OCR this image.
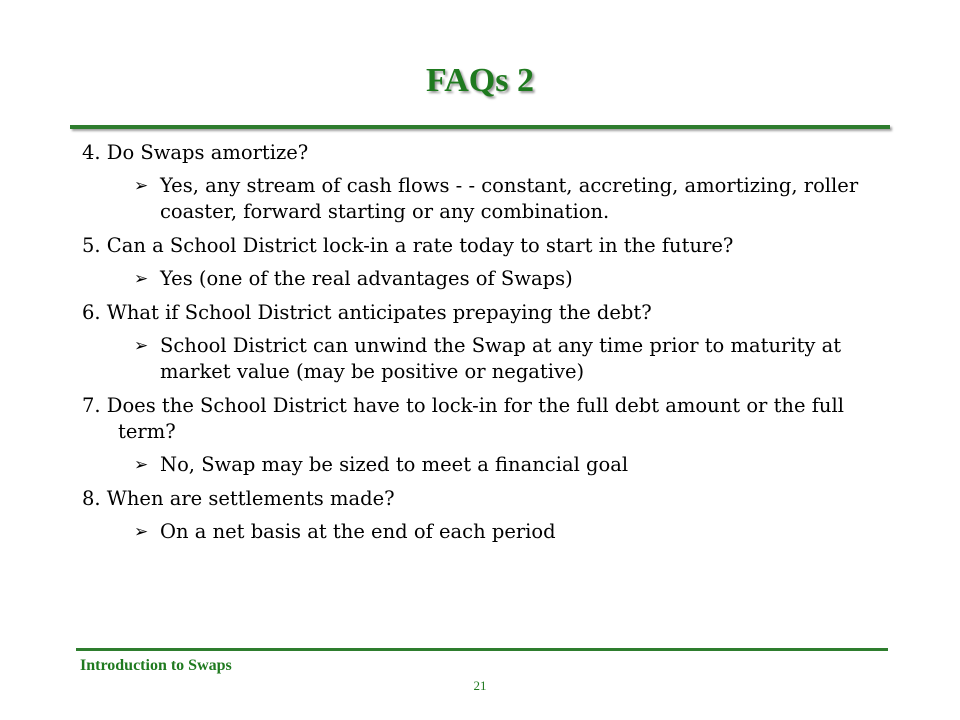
FAQs 2
4. Do Swaps amortize?
➢ Yes, any stream of cash flows - - constant, accreting, amortizing, roller coaster, forward starting or any combination.
5. Can a School District lock-in a rate today to start in the future?
➢ Yes (one of the real advantages of Swaps)
6. What if School District anticipates prepaying the debt?
➢ School District can unwind the Swap at any time prior to maturity at market value (may be positive or negative)
7. Does the School District have to lock-in for the full debt amount or the full term?
➢ No, Swap may be sized to meet a financial goal
8. When are settlements made?
➢ On a net basis at the end of each period
Introduction to Swaps
21
